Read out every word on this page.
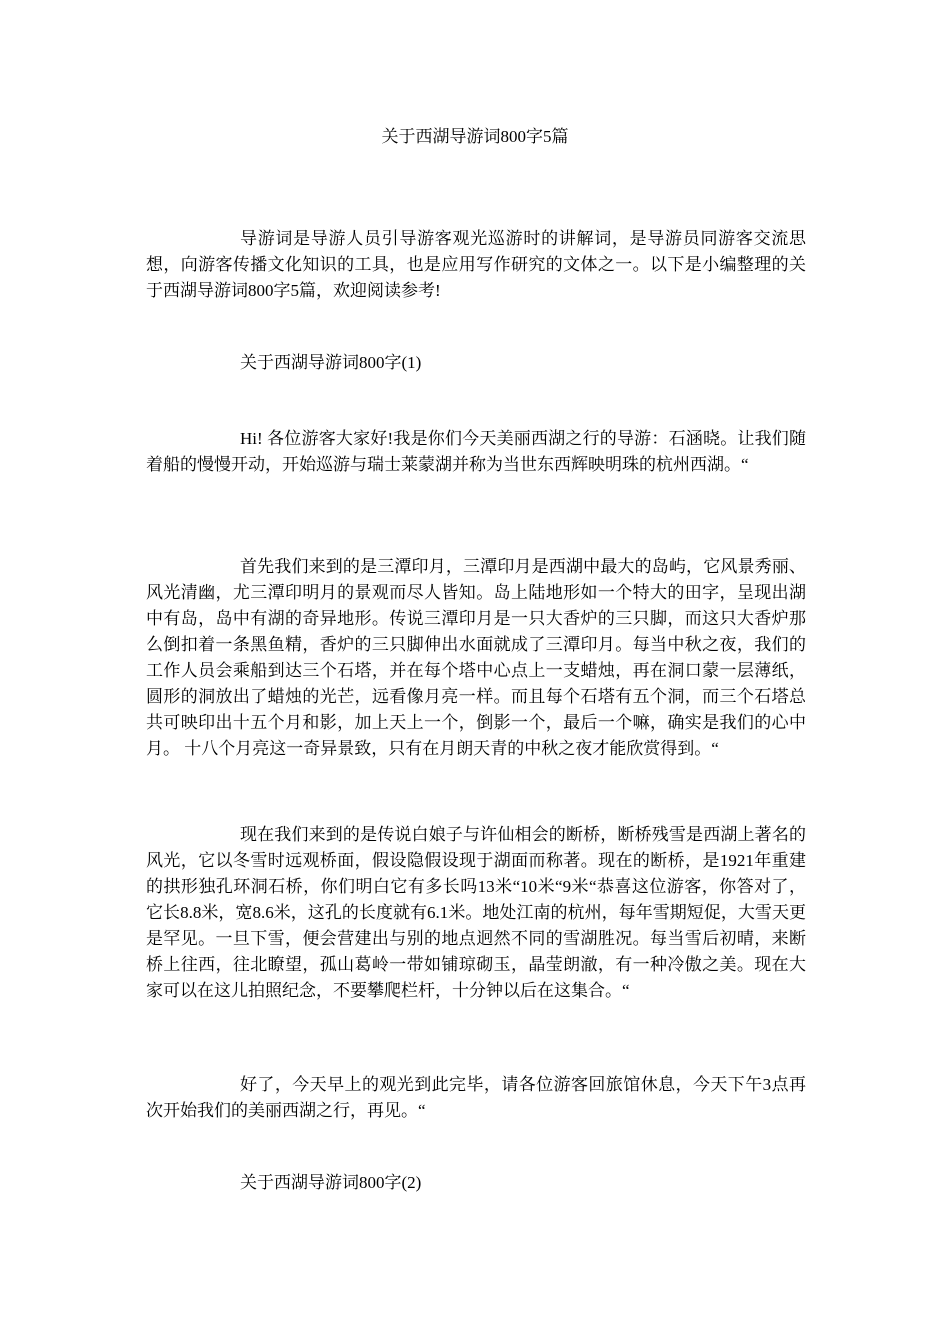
关于西湖导游词800字5篇

导游词是导游人员引导游客观光巡游时的讲解词，是导游员同游客交流思想，向游客传播文化知识的工具，也是应用写作研究的文体之一。以下是小编整理的关于西湖导游词800字5篇，欢迎阅读参考!

关于西湖导游词800字(1)

Hi! 各位游客大家好!我是你们今天美丽西湖之行的导游：石涵晓。让我们随着船的慢慢开动，开始巡游与瑞士莱蒙湖并称为当世东西辉映明珠的杭州西湖。“

首先我们来到的是三潭印月，三潭印月是西湖中最大的岛屿，它风景秀丽、风光清幽，尤三潭印明月的景观而尽人皆知。岛上陆地形如一个特大的田字，呈现出湖中有岛，岛中有湖的奇异地形。传说三潭印月是一只大香炉的三只脚，而这只大香炉那么倒扣着一条黑鱼精，香炉的三只脚伸出水面就成了三潭印月。每当中秋之夜，我们的工作人员会乘船到达三个石塔，并在每个塔中心点上一支蜡烛，再在洞口蒙一层薄纸，圆形的洞放出了蜡烛的光芒，远看像月亮一样。而且每个石塔有五个洞，而三个石塔总共可映印出十五个月和影，加上天上一个，倒影一个，最后一个嘛，确实是我们的心中月。 十八个月亮这一奇异景致，只有在月朗天青的中秋之夜才能欣赏得到。“

现在我们来到的是传说白娘子与许仙相会的断桥，断桥残雪是西湖上著名的风光，它以冬雪时远观桥面，假设隐假设现于湖面而称著。现在的断桥，是1921年重建的拱形独孔环洞石桥，你们明白它有多长吗13米“10米“9米“恭喜这位游客，你答对了，它长8.8米，宽8.6米，这孔的长度就有6.1米。地处江南的杭州，每年雪期短促，大雪天更是罕见。一旦下雪，便会营建出与别的地点迥然不同的雪湖胜况。每当雪后初晴，来断桥上往西，往北瞭望，孤山葛岭一带如铺琼砌玉，晶莹朗澈，有一种冷傲之美。现在大家可以在这儿拍照纪念，不要攀爬栏杆，十分钟以后在这集合。“

好了，今天早上的观光到此完毕，请各位游客回旅馆休息，今天下午3点再次开始我们的美丽西湖之行，再见。“

关于西湖导游词800字(2)
